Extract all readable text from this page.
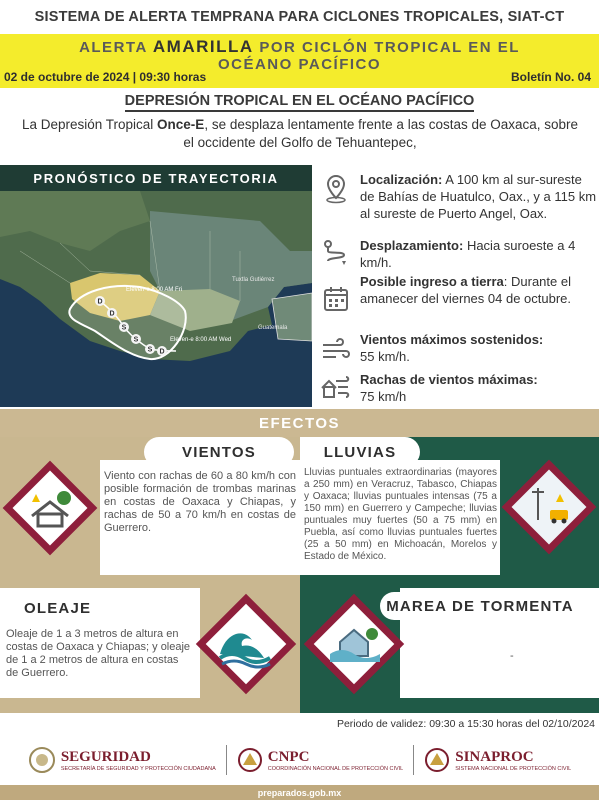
SISTEMA DE ALERTA TEMPRANA PARA CICLONES TROPICALES, SIAT-CT
ALERTA AMARILLA POR CICLÓN TROPICAL EN EL OCÉANO PACÍFICO
02 de octubre de 2024 | 09:30 horas	Boletín No. 04
DEPRESIÓN TROPICAL EN EL OCÉANO PACÍFICO
La Depresión Tropical Once-E, se desplaza lentamente frente a las costas de Oaxaca, sobre el occidente del Golfo de Tehuantepec,
PRONÓSTICO DE TRAYECTORIA
D
D
S
S
S D
Eleven-e 8:00 AM Fri
Eleven-e 8:00 AM Wed
Tuxtla Gutiérrez
Guatemala
Localización: A 100 km al sur-sureste de Bahías de Huatulco, Oax., y a 115 km al sureste de Puerto Angel, Oax.
Desplazamiento: Hacia suroeste a 4 km/h.
Posible ingreso a tierra: Durante el amanecer del viernes 04 de octubre.
Vientos máximos sostenidos:
55 km/h.
Rachas de vientos máximas:
75 km/h
EFECTOS
VIENTOS	LLUVIAS
OLEAJE	MAREA DE TORMENTA
Viento con rachas de 60 a 80 km/h con posible formación de trombas marinas en costas de Oaxaca y Chiapas, y rachas de 50 a 70 km/h en costas de Guerrero.
Lluvias puntuales extraordinarias (mayores a 250 mm) en Veracruz, Tabasco, Chiapas y Oaxaca; lluvias puntuales intensas (75 a 150 mm) en Guerrero y Campeche; lluvias puntuales muy fuertes (50 a 75 mm) en Puebla, así como lluvias puntuales fuertes (25 a 50 mm) en Michoacán, Morelos y Estado de México.
Oleaje de 1 a 3 metros de altura en costas de Oaxaca y Chiapas; y oleaje de 1 a 2 metros de altura en costas de Guerrero.
-
Periodo de validez: 09:30 a 15:30 horas del 02/10/2024
SEGURIDAD
SECRETARÍA DE SEGURIDAD Y PROTECCIÓN CIUDADANA
CNPC
COORDINACIÓN NACIONAL DE PROTECCIÓN CIVIL
SINAPROC
SISTEMA NACIONAL DE PROTECCIÓN CIVIL
preparados.gob.mx
